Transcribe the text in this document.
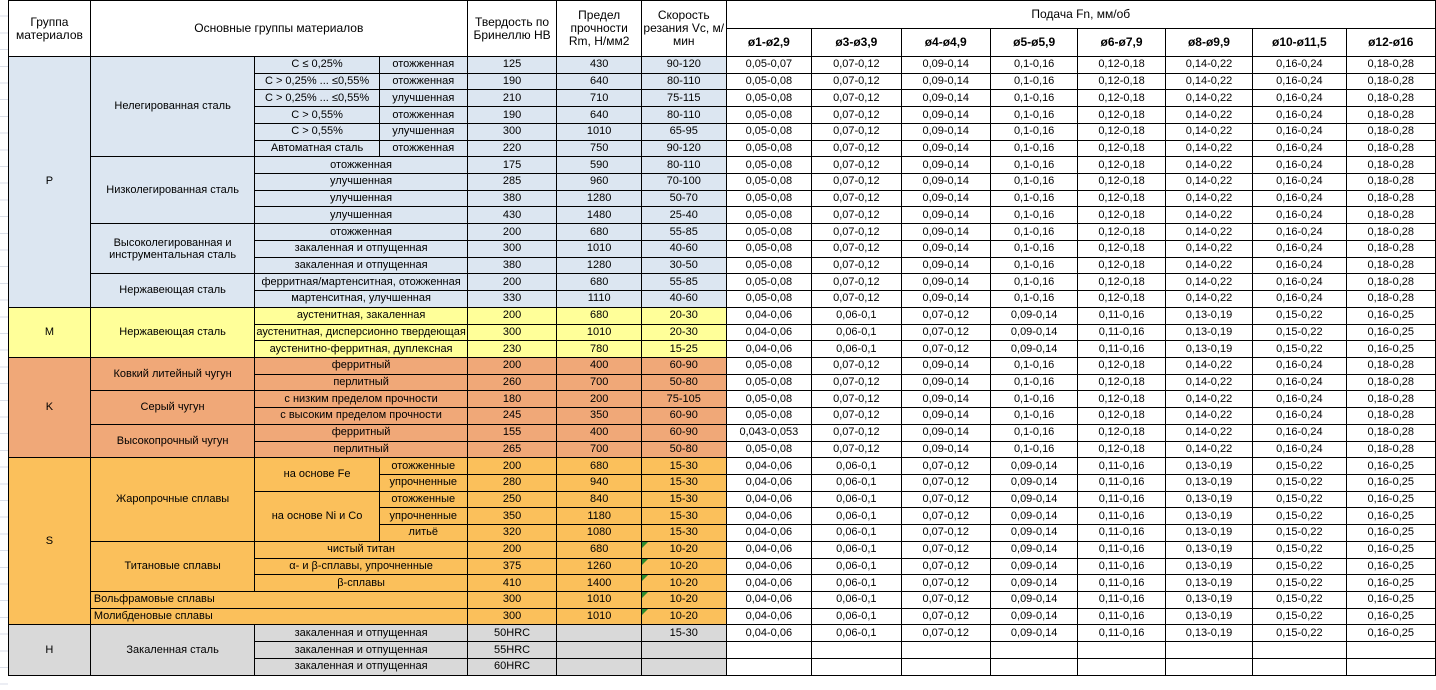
Группа материалов	Основные группы материалов			Твердость по Бринеллю HB	Предел прочности Rm, Н/мм2	Скорость резания Vc, м/мин	Подача Fn, мм/об							
							ø1-ø2,9	ø3-ø3,9	ø4-ø4,9	ø5-ø5,9	ø6-ø7,9	ø8-ø9,9	ø10-ø11,5	ø12-ø16
P	Нелегированная сталь	C ≤ 0,25%	отожженная	125	430	90-120	0,05-0,07	0,07-0,12	0,09-0,14	0,1-0,16	0,12-0,18	0,14-0,22	0,16-0,24	0,18-0,28
		C > 0,25% ... ≤0,55%	отожженная	190	640	80-110	0,05-0,08	0,07-0,12	0,09-0,14	0,1-0,16	0,12-0,18	0,14-0,22	0,16-0,24	0,18-0,28
		C > 0,25% ... ≤0,55%	улучшенная	210	710	75-115	0,05-0,08	0,07-0,12	0,09-0,14	0,1-0,16	0,12-0,18	0,14-0,22	0,16-0,24	0,18-0,28
		C > 0,55%	отожженная	190	640	80-110	0,05-0,08	0,07-0,12	0,09-0,14	0,1-0,16	0,12-0,18	0,14-0,22	0,16-0,24	0,18-0,28
		C > 0,55%	улучшенная	300	1010	65-95	0,05-0,08	0,07-0,12	0,09-0,14	0,1-0,16	0,12-0,18	0,14-0,22	0,16-0,24	0,18-0,28
		Автоматная сталь	отожженная	220	750	90-120	0,05-0,08	0,07-0,12	0,09-0,14	0,1-0,16	0,12-0,18	0,14-0,22	0,16-0,24	0,18-0,28
	Низколегированная сталь	отожженная		175	590	80-110	0,05-0,08	0,07-0,12	0,09-0,14	0,1-0,16	0,12-0,18	0,14-0,22	0,16-0,24	0,18-0,28
		улучшенная		285	960	70-100	0,05-0,08	0,07-0,12	0,09-0,14	0,1-0,16	0,12-0,18	0,14-0,22	0,16-0,24	0,18-0,28
		улучшенная		380	1280	50-70	0,05-0,08	0,07-0,12	0,09-0,14	0,1-0,16	0,12-0,18	0,14-0,22	0,16-0,24	0,18-0,28
		улучшенная		430	1480	25-40	0,05-0,08	0,07-0,12	0,09-0,14	0,1-0,16	0,12-0,18	0,14-0,22	0,16-0,24	0,18-0,28
	Высоколегированная и инструментальная сталь	отожженная		200	680	55-85	0,05-0,08	0,07-0,12	0,09-0,14	0,1-0,16	0,12-0,18	0,14-0,22	0,16-0,24	0,18-0,28
		закаленная и отпущенная		300	1010	40-60	0,05-0,08	0,07-0,12	0,09-0,14	0,1-0,16	0,12-0,18	0,14-0,22	0,16-0,24	0,18-0,28
		закаленная и отпущенная		380	1280	30-50	0,05-0,08	0,07-0,12	0,09-0,14	0,1-0,16	0,12-0,18	0,14-0,22	0,16-0,24	0,18-0,28
	Нержавеющая сталь	ферритная/мартенситная, отожженная		200	680	55-85	0,05-0,08	0,07-0,12	0,09-0,14	0,1-0,16	0,12-0,18	0,14-0,22	0,16-0,24	0,18-0,28
		мартенситная, улучшенная		330	1110	40-60	0,05-0,08	0,07-0,12	0,09-0,14	0,1-0,16	0,12-0,18	0,14-0,22	0,16-0,24	0,18-0,28
M	Нержавеющая сталь	аустенитная, закаленная		200	680	20-30	0,04-0,06	0,06-0,1	0,07-0,12	0,09-0,14	0,11-0,16	0,13-0,19	0,15-0,22	0,16-0,25
		аустенитная, дисперсионно твердеющая		300	1010	20-30	0,04-0,06	0,06-0,1	0,07-0,12	0,09-0,14	0,11-0,16	0,13-0,19	0,15-0,22	0,16-0,25
		аустенитно-ферритная, дуплексная		230	780	15-25	0,04-0,06	0,06-0,1	0,07-0,12	0,09-0,14	0,11-0,16	0,13-0,19	0,15-0,22	0,16-0,25
K	Ковкий литейный чугун	ферритный		200	400	60-90	0,05-0,08	0,07-0,12	0,09-0,14	0,1-0,16	0,12-0,18	0,14-0,22	0,16-0,24	0,18-0,28
		перлитный		260	700	50-80	0,05-0,08	0,07-0,12	0,09-0,14	0,1-0,16	0,12-0,18	0,14-0,22	0,16-0,24	0,18-0,28
	Серый чугун	с низким пределом прочности		180	200	75-105	0,05-0,08	0,07-0,12	0,09-0,14	0,1-0,16	0,12-0,18	0,14-0,22	0,16-0,24	0,18-0,28
		с высоким пределом прочности		245	350	60-90	0,05-0,08	0,07-0,12	0,09-0,14	0,1-0,16	0,12-0,18	0,14-0,22	0,16-0,24	0,18-0,28
	Высокопрочный чугун	ферритный		155	400	60-90	0,043-0,053	0,07-0,12	0,09-0,14	0,1-0,16	0,12-0,18	0,14-0,22	0,16-0,24	0,18-0,28
		перлитный		265	700	50-80	0,05-0,08	0,07-0,12	0,09-0,14	0,1-0,16	0,12-0,18	0,14-0,22	0,16-0,24	0,18-0,28
S	Жаропрочные сплавы	на основе Fe	отожженные	200	680	15-30	0,04-0,06	0,06-0,1	0,07-0,12	0,09-0,14	0,11-0,16	0,13-0,19	0,15-0,22	0,16-0,25
			упрочненные	280	940	15-30	0,04-0,06	0,06-0,1	0,07-0,12	0,09-0,14	0,11-0,16	0,13-0,19	0,15-0,22	0,16-0,25
		на основе Ni и Co	отожженные	250	840	15-30	0,04-0,06	0,06-0,1	0,07-0,12	0,09-0,14	0,11-0,16	0,13-0,19	0,15-0,22	0,16-0,25
			упрочненные	350	1180	15-30	0,04-0,06	0,06-0,1	0,07-0,12	0,09-0,14	0,11-0,16	0,13-0,19	0,15-0,22	0,16-0,25
			литьё	320	1080	15-30	0,04-0,06	0,06-0,1	0,07-0,12	0,09-0,14	0,11-0,16	0,13-0,19	0,15-0,22	0,16-0,25
	Титановые сплавы	чистый титан		200	680	10-20	0,04-0,06	0,06-0,1	0,07-0,12	0,09-0,14	0,11-0,16	0,13-0,19	0,15-0,22	0,16-0,25
		α- и β-сплавы, упрочненные		375	1260	10-20	0,04-0,06	0,06-0,1	0,07-0,12	0,09-0,14	0,11-0,16	0,13-0,19	0,15-0,22	0,16-0,25
		β-сплавы		410	1400	10-20	0,04-0,06	0,06-0,1	0,07-0,12	0,09-0,14	0,11-0,16	0,13-0,19	0,15-0,22	0,16-0,25
	Вольфрамовые сплавы			300	1010	10-20	0,04-0,06	0,06-0,1	0,07-0,12	0,09-0,14	0,11-0,16	0,13-0,19	0,15-0,22	0,16-0,25
	Молибденовые сплавы			300	1010	10-20	0,04-0,06	0,06-0,1	0,07-0,12	0,09-0,14	0,11-0,16	0,13-0,19	0,15-0,22	0,16-0,25
H	Закаленная сталь	закаленная и отпущенная		50HRC		15-30	0,04-0,06	0,06-0,1	0,07-0,12	0,09-0,14	0,11-0,16	0,13-0,19	0,15-0,22	0,16-0,25
		закаленная и отпущенная		55HRC										
		закаленная и отпущенная		60HRC										
